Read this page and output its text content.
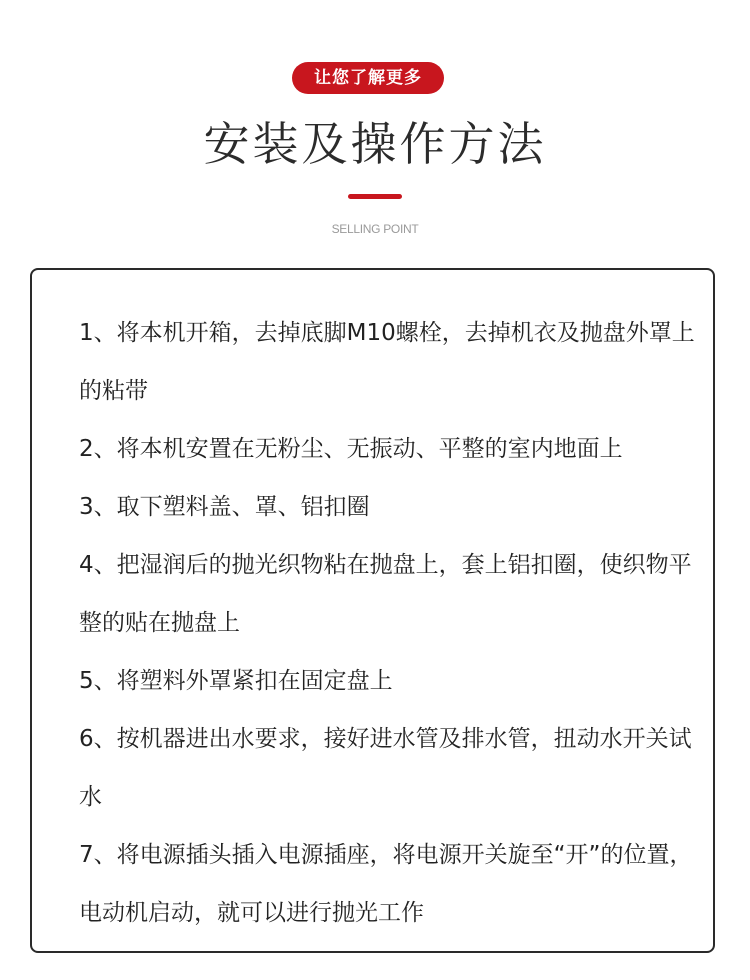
让您了解更多
安装及操作方法
SELLING POINT
1、将本机开箱，去掉底脚M10螺栓，去掉机衣及抛盘外罩上的粘带
2、将本机安置在无粉尘、无振动、平整的室内地面上
3、取下塑料盖、罩、铝扣圈
4、把湿润后的抛光织物粘在抛盘上，套上铝扣圈，使织物平整的贴在抛盘上
5、将塑料外罩紧扣在固定盘上
6、按机器进出水要求，接好进水管及排水管，扭动水开关试水
7、将电源插头插入电源插座，将电源开关旋至“开”的位置，电动机启动，就可以进行抛光工作
